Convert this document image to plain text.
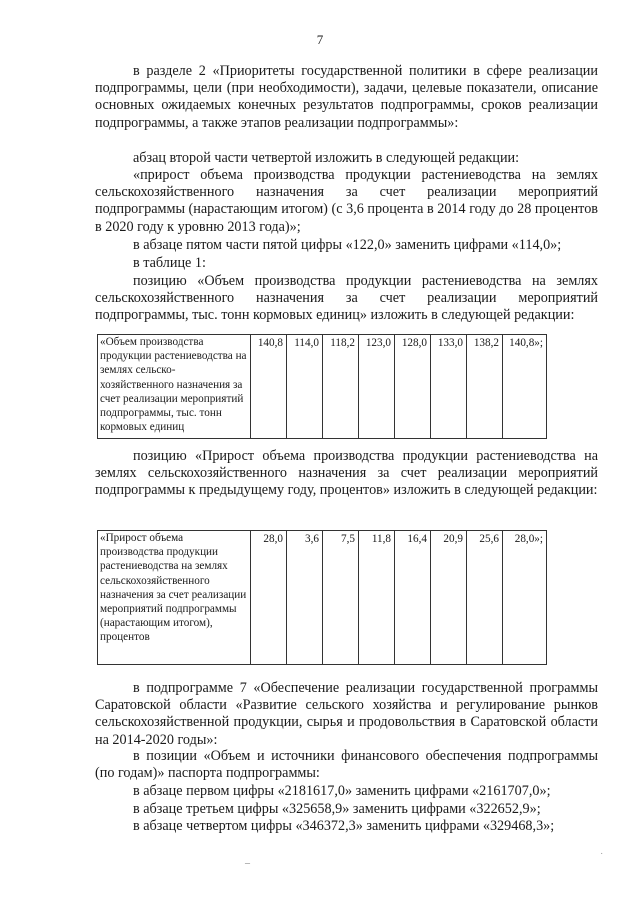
7

в разделе 2 «Приоритеты государственной политики в сфере реализации подпрограммы, цели (при необходимости), задачи, целевые показатели, описание основных ожидаемых конечных результатов подпрограммы, сроков реализации подпрограммы, а также этапов реализации подпрограммы»:

абзац второй части четвертой изложить в следующей редакции:

«прирост объема производства продукции растениеводства на землях сельскохозяйственного назначения за счет реализации мероприятий подпрограммы (нарастающим итогом) (с 3,6 процента в 2014 году до 28 процентов в 2020 году к уровню 2013 года)»;

в абзаце пятом части пятой цифры «122,0» заменить цифрами «114,0»;

в таблице 1:

позицию «Объем производства продукции растениеводства на землях сельскохозяйственного назначения за счет реализации мероприятий подпрограммы, тыс. тонн кормовых единиц» изложить в следующей редакции:

«Объем производства продукции растениеводства на землях сельско-хозяйственного назначения за счет реализации мероприятий подпрограммы, тыс. тонн кормовых единиц	140,8	114,0	118,2	123,0	128,0	133,0	138,2	140,8»;

позицию «Прирост объема производства продукции растениеводства на землях сельскохозяйственного назначения за счет реализации мероприятий подпрограммы к предыдущему году, процентов» изложить в следующей редакции:

«Прирост объема производства продукции растениеводства на землях сельскохозяйственного назначения за счет реализации мероприятий подпрограммы (нарастающим итогом), процентов	28,0	3,6	7,5	11,8	16,4	20,9	25,6	28,0»;

в подпрограмме 7 «Обеспечение реализации государственной программы Саратовской области «Развитие сельского хозяйства и регулирование рынков сельскохозяйственной продукции, сырья и продовольствия в Саратовской области на 2014-2020 годы»:

в позиции «Объем и источники финансового обеспечения подпрограммы (по годам)» паспорта подпрограммы:

в абзаце первом цифры «2181617,0» заменить цифрами «2161707,0»;

в абзаце третьем цифры «325658,9» заменить цифрами «322652,9»;

в абзаце четвертом цифры «346372,3» заменить цифрами «329468,3»;

–
˙
